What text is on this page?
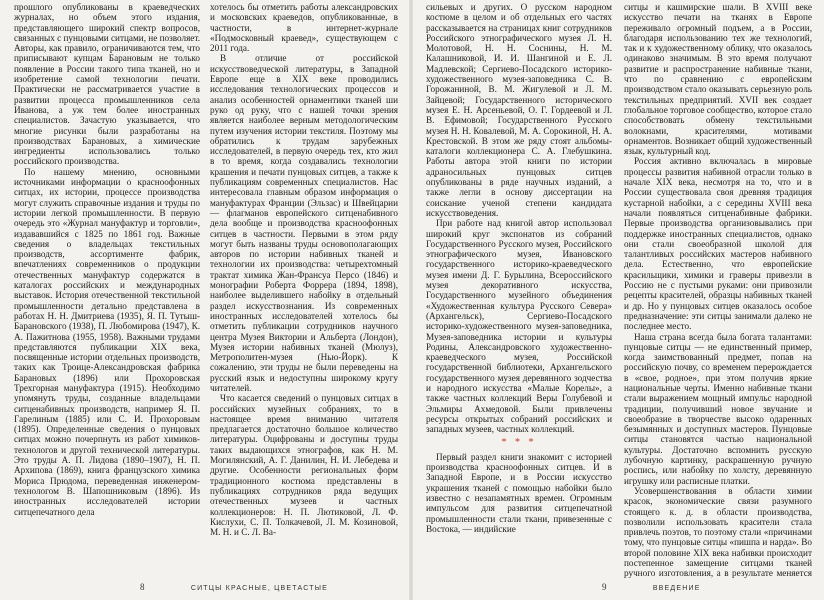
прошлого опубликованы в краеведческих журналах, но объем этого издания, представляющего широкий спектр вопросов, связанных с пунцовыми ситцами, не позволяет. Авторы, как правило, ограничиваются тем, что приписывают купцам Барановым не только появление в России такого типа тканей, но и изобретение самой технологии печати. Практически не рассматривается участие в развитии процесса промышленников села Иванова, а уж тем более иностранных специалистов. Зачастую указывается, что многие рисунки были разработаны на производствах Барановых, а химические ингредиенты использовались только российского производства.

По нашему мнению, основными источниками информации о красноофонных ситцах, их истории, процессе производства могут служить справочные издания и труды по истории легкой промышленности. В первую очередь это «Журнал мануфактур и торговли», издававшийся с 1825 по 1861 год. Важные сведения о владельцах текстильных производств, ассортименте фабрик, впечатлениях современников о продукции отечественных мануфактур содержатся в каталогах российских и международных выставок. История отечественной текстильной промышленности детально представлена в работах Н. Н. Дмитриева (1935), Я. П. Тутыш-Барановского (1938), П. Любомирова (1947), К. А. Пажитнова (1955, 1958). Важными трудами представляются публикации XIX века, посвященные истории отдельных производств, таких как Троице-Александровская фабрика Барановых (1896) или Прохоровская Трехгорная мануфактура (1915). Необходимо упомянуть труды, созданные владельцами ситценабивных производств, например Я. П. Гарелиным (1885) или С. И. Прохоровым (1895). Определенные сведения о пунцовых ситцах можно почерпнуть из работ химиков-технологов и другой технической литературы. Это труды А. П. Лидова (1890–1907), Н. П. Архипова (1869), книга французского химика Мориса Прюдома, переведенная инженером-технологом В. Шапошниковым (1896). Из иностранных исследователей истории ситцепечатного дела

хотелось бы отметить работы александровских и московских краеведов, опубликованные, в частности, в интернет-журнале «Подмосковный краевед», существующем с 2011 года.

В отличие от российской искусствоведческой литературы, в Западной Европе еще в XIX веке проводились исследования технологических процессов и анализ особенностей орнаментики тканей ши руко од руку, что с нашей точки зрения является наиболее верным методологическим путем изучения истории текстиля. Поэтому мы обратились к трудам зарубежных исследователей, в первую очередь тех, кто жил в то время, когда создавались технологии крашения и печати пунцовых ситцев, а также к публикациям современных специалистов. Нас интересовала главным образом информация о мануфактурах Франции (Эльзас) и Швейцарии — флагманов европейского ситценабивного дела вообще и производства красноофонных ситцев в частности. Первыми в этом ряду могут быть названы труды основополагающих авторов по истории набивных тканей и технологии их производства: четырехтомный трактат химика Жан-Франсуа Персо (1846) и монографии Роберта Форрера (1894, 1898), наиболее выделившего набойку в отдельный раздел искусствознания. Из современных иностранных исследователей хотелось бы отметить публикации сотрудников научного центра Музея Виктории и Альберта (Лондон), Музея истории набивных тканей (Мюлуз), Метрополитен-музея (Нью-Йорк). К сожалению, эти труды не были переведены на русский язык и недоступны широкому кругу читателей.

Что касается сведений о пунцовых ситцах в российских музейных собраниях, то в настоящее время вниманию читателя предлагается достаточно большое количество литературы. Оцифрованы и доступны труды таких выдающихся этнографов, как Н. М. Могилянский, А. Г. Данилин, Н. И. Лебедева и другие. Особенности региональных форм традиционного костюма представлены в публикациях сотрудников ряда ведущих отечественных музеев и частных коллекционеров: Н. П. Лютиковой, Л. Ф. Кислухи, С. П. Толкачевой, Л. М. Козиновой, М. Н. и С. Л. Ва-

8	СИТЦЫ КРАСНЫЕ, ЦВЕТАСТЫЕ

сильевых и других. О русском народном костюме в целом и об отдельных его частях рассказывается на страницах книг сотрудников Российского этнографического музея Л. Н. Молотовой, Н. Н. Соснины, Н. М. Калашниковой, И. И. Шангиной и Е. Л. Мадлевской; Сергиево-Посадского историко-художественного музея-заповедника С. В. Горожаниной, В. М. Жигулевой и Л. М. Зайцевой; Государственного исторического музея Е. Н. Арсеньевой, О. Г. Гордеевой и Л. В. Ефимовой; Государственного Русского музея Н. Н. Ковалевой, М. А. Сорокиной, Н. А. Крестовской. В этом же ряду стоят альбомы-каталоги коллекционера С. А. Глебушкина. Работы автора этой книги по истории адраносильных пунцовых ситцев опубликованы в ряде научных изданий, а также легли в основу диссертации на соискание ученой степени кандидата искусствоведения.

При работе над книгой автор использовал широкий круг экспонатов из собраний Государственного Русского музея, Российского этнографического музея, Ивановского государственного историко-краеведческого музея имени Д. Г. Бурылина, Всероссийского музея декоративного искусства, Государственного музейного объединения «Художественная культура Русского Севера» (Архангельск), Сергиево-Посадского историко-художественного музея-заповедника, Музея-заповедника истории и культуры Родины, Александровского художественно-краеведческого музея, Российской государственной библиотеки, Архангельского государственного музея деревянного зодчества и народного искусства «Малые Корелы», а также частных коллекций Веры Голубевой и Эльмиры Ахмедовой. Были привлечены ресурсы открытых собраний российских и западных музеев, частных коллекций.

* * *

Первый раздел книги знакомит с историей производства красноофонных ситцев. И в Западной Европе, и в России искусство украшения тканей с помощью набойки было известно с незапамятных времен. Огромным импульсом для развития ситцепечатной промышленности стали ткани, привезенные с Востока, — индийские

ситцы и кашмирские шали. В XVIII веке искусство печати на тканях в Европе переживало огромный подъем, а в России, благодаря использованию тех же технологий, так и к художественному облику, что оказалось одинаково значимым. В это время получают развитие и распространение набивные ткани, что по сравнению с европейским производством стало оказывать серьезную роль текстильных предприятий. XVII век создает глобальное торговое сообщество, которое стало способствовать обмену текстильными волокнами, красителями, мотивами орнаментов. Возникает общий художественный язык, культурный код.

Россия активно включалась в мировые процессы развития набивной отрасли только в начале XIX века, несмотря на то, что и в России существовала своя древняя традиция кустарной набойки, а с середины XVIII века начали появляться ситценабивные фабрики. Первые производства организовывались при поддержке иностранных специалистов, однако они стали своеобразной школой для талантливых российских мастеров набивного дела. Естественно, что европейские красильщики, химики и граверы привезли в Россию не с пустыми руками: они привозили рецепты красителей, образцы набивных тканей и др. Но у пунцовых ситцев оказалось особое предназначение: эти ситцы занимали далеко не последнее место.

Наша страна всегда была богата талантами: пунцовые ситцы — не единственный пример, когда заимствованный предмет, попав на российскую почву, со временем перерождается в «свое, родное», при этом получив яркие национальные черты. Именно набивные ткани стали выражением мощный импульс народной традиции, получивший новое звучание и своеобразие в творчестве высоко одаренных безымянных и доступных мастеров. Пунцовые ситцы становятся частью национальной культуры. Достаточно вспомнить русскую лубочную картинку, раскрашенную ручную роспись, или набойку по холсту, деревянную игрушку или расписные платки.

Усовершенствования в области химии красок, экономические связи разумного стоящего к. д. в области производства, позволили использовать красители стала привлечь поэтов, то поэтому стали «причинами тому, что пунцовые ситцы «пишпа и нарда». Во второй половине XIX века набивки происходит постепенное замещение ситцами тканей ручного изготовления, а в результате меняется

9	ВВЕДЕНИЕ
